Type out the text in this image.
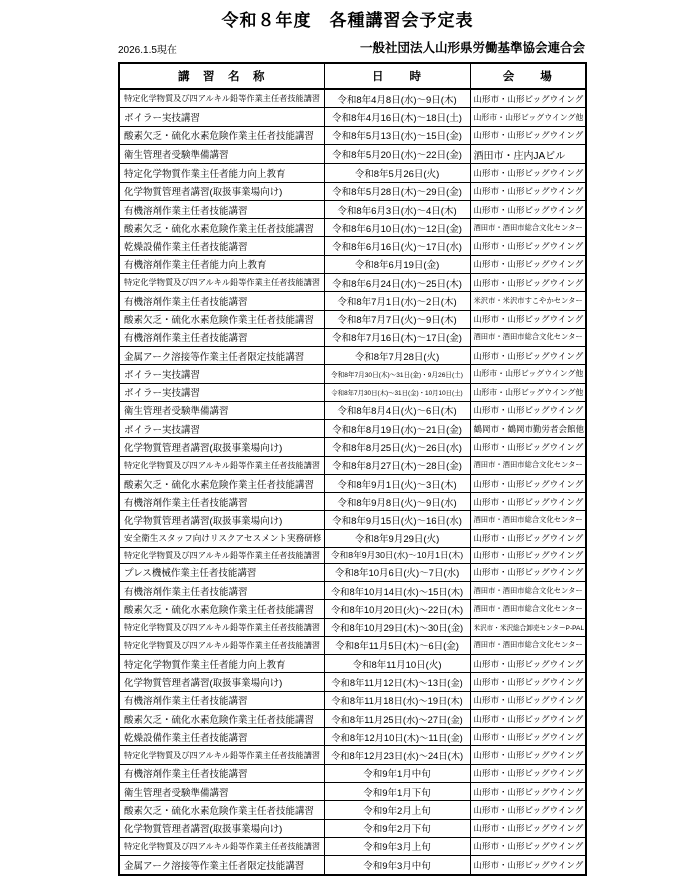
令和８年度　各種講習会予定表
2026.1.5現在	一般社団法人山形県労働基準協会連合会
講　習　名　称	日　　時	会　　場
特定化学物質及び四アルキル鉛等作業主任者技能講習	令和8年4月8日(水)～9日(木)	山形市・山形ビッグウイング
ボイラー実技講習	令和8年4月16日(木)～18日(土)	山形市・山形ビッグウイング他
酸素欠乏・硫化水素危険作業主任者技能講習	令和8年5月13日(水)～15日(金)	山形市・山形ビッグウイング
衛生管理者受験準備講習	令和8年5月20日(水)～22日(金)	酒田市・庄内JAビル
特定化学物質作業主任者能力向上教育	令和8年5月26日(火)	山形市・山形ビッグウイング
化学物質管理者講習(取扱事業場向け)	令和8年5月28日(木)～29日(金)	山形市・山形ビッグウイング
有機溶剤作業主任者技能講習	令和8年6月3日(水)～4日(木)	山形市・山形ビッグウイング
酸素欠乏・硫化水素危険作業主任者技能講習	令和8年6月10日(水)～12日(金)	酒田市・酒田市総合文化センター
乾燥設備作業主任者技能講習	令和8年6月16日(火)～17日(水)	山形市・山形ビッグウイング
有機溶剤作業主任者能力向上教育	令和8年6月19日(金)	山形市・山形ビッグウイング
特定化学物質及び四アルキル鉛等作業主任者技能講習	令和8年6月24日(水)～25日(木)	山形市・山形ビッグウイング
有機溶剤作業主任者技能講習	令和8年7月1日(水)～2日(木)	米沢市・米沢市すこやかセンター
酸素欠乏・硫化水素危険作業主任者技能講習	令和8年7月7日(火)～9日(木)	山形市・山形ビッグウイング
有機溶剤作業主任者技能講習	令和8年7月16日(木)～17日(金)	酒田市・酒田市総合文化センター
金属アーク溶接等作業主任者限定技能講習	令和8年7月28日(火)	山形市・山形ビッグウイング
ボイラー実技講習	令和8年7月30日(木)～31日(金)・9月26日(土)	山形市・山形ビッグウイング他
ボイラー実技講習	令和8年7月30日(木)～31日(金)・10月10日(土)	山形市・山形ビッグウイング他
衛生管理者受験準備講習	令和8年8月4日(火)～6日(木)	山形市・山形ビッグウイング
ボイラー実技講習	令和8年8月19日(水)～21日(金)	鶴岡市・鶴岡市勤労者会館他
化学物質管理者講習(取扱事業場向け)	令和8年8月25日(火)～26日(水)	山形市・山形ビッグウイング
特定化学物質及び四アルキル鉛等作業主任者技能講習	令和8年8月27日(木)～28日(金)	酒田市・酒田市総合文化センター
酸素欠乏・硫化水素危険作業主任者技能講習	令和8年9月1日(火)～3日(木)	山形市・山形ビッグウイング
有機溶剤作業主任者技能講習	令和8年9月8日(火)～9日(水)	山形市・山形ビッグウイング
化学物質管理者講習(取扱事業場向け)	令和8年9月15日(火)～16日(水)	酒田市・酒田市総合文化センター
安全衛生スタッフ向けリスクアセスメント実務研修	令和8年9月29日(火)	山形市・山形ビッグウイング
特定化学物質及び四アルキル鉛等作業主任者技能講習	令和8年9月30日(水)～10月1日(木)	山形市・山形ビッグウイング
プレス機械作業主任者技能講習	令和8年10月6日(火)～7日(水)	山形市・山形ビッグウイング
有機溶剤作業主任者技能講習	令和8年10月14日(水)～15日(木)	酒田市・酒田市総合文化センター
酸素欠乏・硫化水素危険作業主任者技能講習	令和8年10月20日(火)～22日(木)	酒田市・酒田市総合文化センター
特定化学物質及び四アルキル鉛等作業主任者技能講習	令和8年10月29日(木)～30日(金)	米沢市・米沢総合卸売センターP-PAL
特定化学物質及び四アルキル鉛等作業主任者技能講習	令和8年11月5日(木)～6日(金)	酒田市・酒田市総合文化センター
特定化学物質作業主任者能力向上教育	令和8年11月10日(火)	山形市・山形ビッグウイング
化学物質管理者講習(取扱事業場向け)	令和8年11月12日(木)～13日(金)	山形市・山形ビッグウイング
有機溶剤作業主任者技能講習	令和8年11月18日(水)～19日(木)	山形市・山形ビッグウイング
酸素欠乏・硫化水素危険作業主任者技能講習	令和8年11月25日(水)～27日(金)	山形市・山形ビッグウイング
乾燥設備作業主任者技能講習	令和8年12月10日(木)～11日(金)	山形市・山形ビッグウイング
特定化学物質及び四アルキル鉛等作業主任者技能講習	令和8年12月23日(水)～24日(木)	山形市・山形ビッグウイング
有機溶剤作業主任者技能講習	令和9年1月中旬	山形市・山形ビッグウイング
衛生管理者受験準備講習	令和9年1月下旬	山形市・山形ビッグウイング
酸素欠乏・硫化水素危険作業主任者技能講習	令和9年2月上旬	山形市・山形ビッグウイング
化学物質管理者講習(取扱事業場向け)	令和9年2月下旬	山形市・山形ビッグウイング
特定化学物質及び四アルキル鉛等作業主任者技能講習	令和9年3月上旬	山形市・山形ビッグウイング
金属アーク溶接等作業主任者限定技能講習	令和9年3月中旬	山形市・山形ビッグウイング
